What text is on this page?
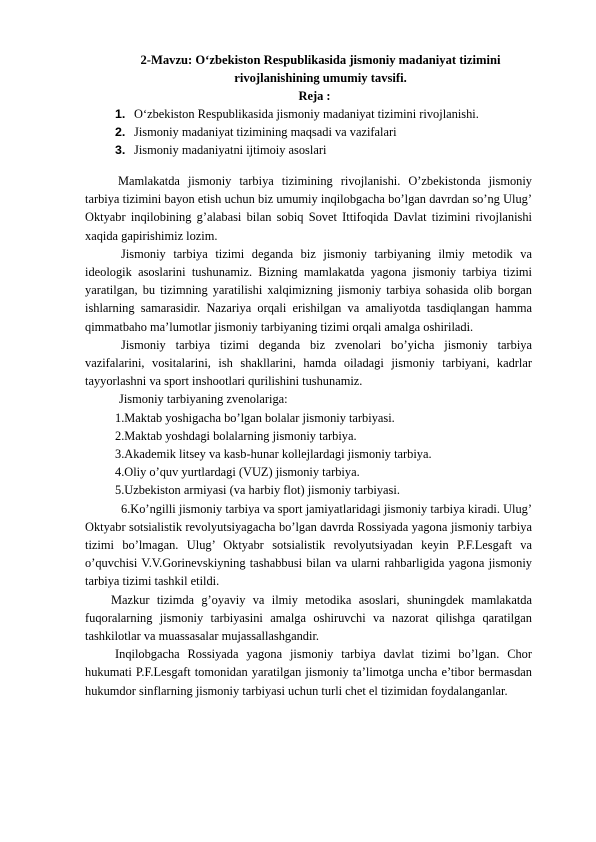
2-Mavzu: O‘zbekiston Respublikasida jismoniy madaniyat tizimini
rivojlanishining umumiy tavsifi.

Reja :

1. O‘zbekiston Respublikasida jismoniy madaniyat tizimini rivojlanishi.
2. Jismoniy madaniyat tizimining maqsadi va vazifalari
3. Jismoniy madaniyatni ijtimoiy asoslari

Mamlakatda jismoniy tarbiya tizimining rivojlanishi. O’zbekistonda jismoniy tarbiya tizimini bayon etish uchun biz umumiy inqilobgacha bo’lgan davrdan so’ng Ulug’ Oktyabr inqilobining g’alabasi bilan sobiq Sovet Ittifoqida Davlat tizimini rivojlanishi xaqida gapirishimiz lozim.

Jismoniy tarbiya tizimi deganda biz jismoniy tarbiyaning ilmiy metodik va ideologik asoslarini tushunamiz. Bizning mamlakatda yagona jismoniy tarbiya tizimi yaratilgan, bu tizimning yaratilishi xalqimizning jismoniy tarbiya sohasida olib borgan ishlarning samarasidir. Nazariya orqali erishilgan va amaliyotda tasdiqlangan hamma qimmatbaho ma’lumotlar jismoniy tarbiyaning tizimi orqali amalga oshiriladi.

Jismoniy tarbiya tizimi deganda biz zvenolari bo’yicha jismoniy tarbiya vazifalarini, vositalarini, ish shakllarini, hamda oiladagi jismoniy tarbiyani, kadrlar tayyorlashni va sport inshootlari qurilishini tushunamiz.

Jismoniy tarbiyaning zvenolariga:

1.Maktab yoshigacha bo’lgan bolalar jismoniy tarbiyasi.

2.Maktab yoshdagi bolalarning jismoniy tarbiya.

3.Akademik litsey va kasb-hunar kollejlardagi jismoniy tarbiya.

4.Oliy o’quv yurtlardagi (VUZ) jismoniy tarbiya.

5.Uzbekiston armiyasi (va harbiy flot) jismoniy tarbiyasi.

6.Ko’ngilli jismoniy tarbiya va sport jamiyatlaridagi jismoniy tarbiya kiradi. Ulug’ Oktyabr sotsialistik revolyutsiyagacha bo’lgan davrda Rossiyada yagona jismoniy tarbiya tizimi bo’lmagan. Ulug’ Oktyabr sotsialistik revolyutsiyadan keyin P.F.Lesgaft va o’quvchisi V.V.Gorinevskiyning tashabbusi bilan va ularni rahbarligida yagona jismoniy tarbiya tizimi tashkil etildi.

Mazkur tizimda g’oyaviy va ilmiy metodika asoslari, shuningdek mamlakatda fuqoralarning jismoniy tarbiyasini amalga oshiruvchi va nazorat qilishga qaratilgan tashkilotlar va muassasalar mujassallashgandir.

Inqilobgacha Rossiyada yagona jismoniy tarbiya davlat tizimi bo’lgan. Chor hukumati P.F.Lesgaft tomonidan yaratilgan jismoniy ta’limotga uncha e’tibor bermasdan hukumdor sinflarning jismoniy tarbiyasi uchun turli chet el tizimidan foydalanganlar.
